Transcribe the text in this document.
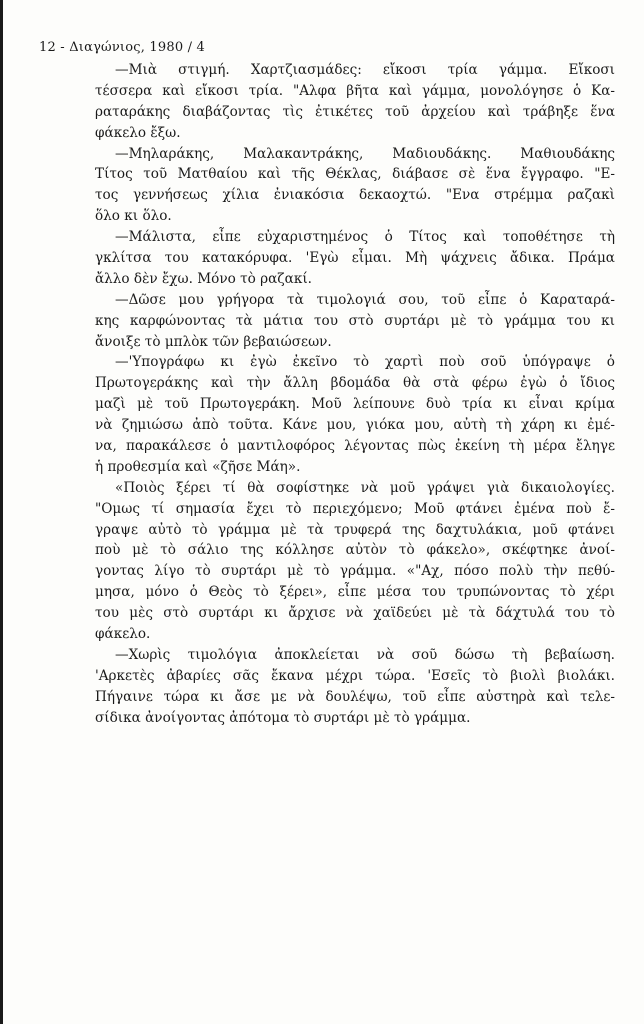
12 - Διαγώνιος, 1980 / 4
—Μιὰ στιγμή. Χαρτζιασμάδες: εἴκοσι τρία γάμμα. Εἴκοσι
τέσσερα καὶ εἴκοσι τρία. "Αλφα βῆτα καὶ γάμμα, μονολόγησε ὁ Κα-
ραταράκης διαβάζοντας τὶς ἐτικέτες τοῦ ἀρχείου καὶ τράβηξε ἕνα
φάκελο ἔξω.
—Μηλαράκης, Μαλακαντράκης, Μαδιουδάκης. Μαθιουδάκης
Τίτος τοῦ Ματθαίου καὶ τῆς Θέκλας, διάβασε σὲ ἕνα ἔγγραφο. "Ε-
τος γεννήσεως χίλια ἐνιακόσια δεκαοχτώ. "Ενα στρέμμα ραζακὶ
ὅλο κι ὅλο.
—Μάλιστα, εἶπε εὐχαριστημένος ὁ Τίτος καὶ τοποθέτησε τὴ
γκλίτσα του κατακόρυφα. 'Εγὼ εἶμαι. Μὴ ψάχνεις ἄδικα. Πράμα
ἄλλο δὲν ἔχω. Μόνο τὸ ραζακί.
—Δῶσε μου γρήγορα τὰ τιμολογιά σου, τοῦ εἶπε ὁ Καραταρά-
κης καρφώνοντας τὰ μάτια του στὸ συρτάρι μὲ τὸ γράμμα του κι
ἄνοιξε τὸ μπλὸκ τῶν βεβαιώσεων.
—'Υπογράφω κι ἐγὼ ἐκεῖνο τὸ χαρτὶ ποὺ σοῦ ὑπόγραψε ὁ
Πρωτογεράκης καὶ τὴν ἄλλη βδομάδα θὰ στὰ φέρω ἐγὼ ὁ ἴδιος
μαζὶ μὲ τοῦ Πρωτογεράκη. Μοῦ λείπουνε δυὸ τρία κι εἶναι κρίμα
νὰ ζημιώσω ἀπὸ τοῦτα. Κάνε μου, γιόκα μου, αὐτὴ τὴ χάρη κι ἐμέ-
να, παρακάλεσε ὁ μαντιλοφόρος λέγοντας πὼς ἐκείνη τὴ μέρα ἔληγε
ἡ προθεσμία καὶ «ζῆσε Μάη».
«Ποιὸς ξέρει τί θὰ σοφίστηκε νὰ μοῦ γράψει γιὰ δικαιολογίες.
"Ομως τί σημασία ἔχει τὸ περιεχόμενο; Μοῦ φτάνει ἐμένα ποὺ ἔ-
γραψε αὐτὸ τὸ γράμμα μὲ τὰ τρυφερά της δαχτυλάκια, μοῦ φτάνει
ποὺ μὲ τὸ σάλιο της κόλλησε αὐτὸν τὸ φάκελο», σκέφτηκε ἀνοί-
γοντας λίγο τὸ συρτάρι μὲ τὸ γράμμα. «"Αχ, πόσο πολὺ τὴν πεθύ-
μησα, μόνο ὁ Θεὸς τὸ ξέρει», εἶπε μέσα του τρυπώνοντας τὸ χέρι
του μὲς στὸ συρτάρι κι ἄρχισε νὰ χαϊδεύει μὲ τὰ δάχτυλά του τὸ
φάκελο.
—Χωρὶς τιμολόγια ἀποκλείεται νὰ σοῦ δώσω τὴ βεβαίωση.
'Αρκετὲς ἀβαρίες σᾶς ἔκανα μέχρι τώρα. 'Εσεῖς τὸ βιολὶ βιολάκι.
Πήγαινε τώρα κι ἄσε με νὰ δουλέψω, τοῦ εἶπε αὐστηρὰ καὶ τελε-
σίδικα ἀνοίγοντας ἀπότομα τὸ συρτάρι μὲ τὸ γράμμα.
